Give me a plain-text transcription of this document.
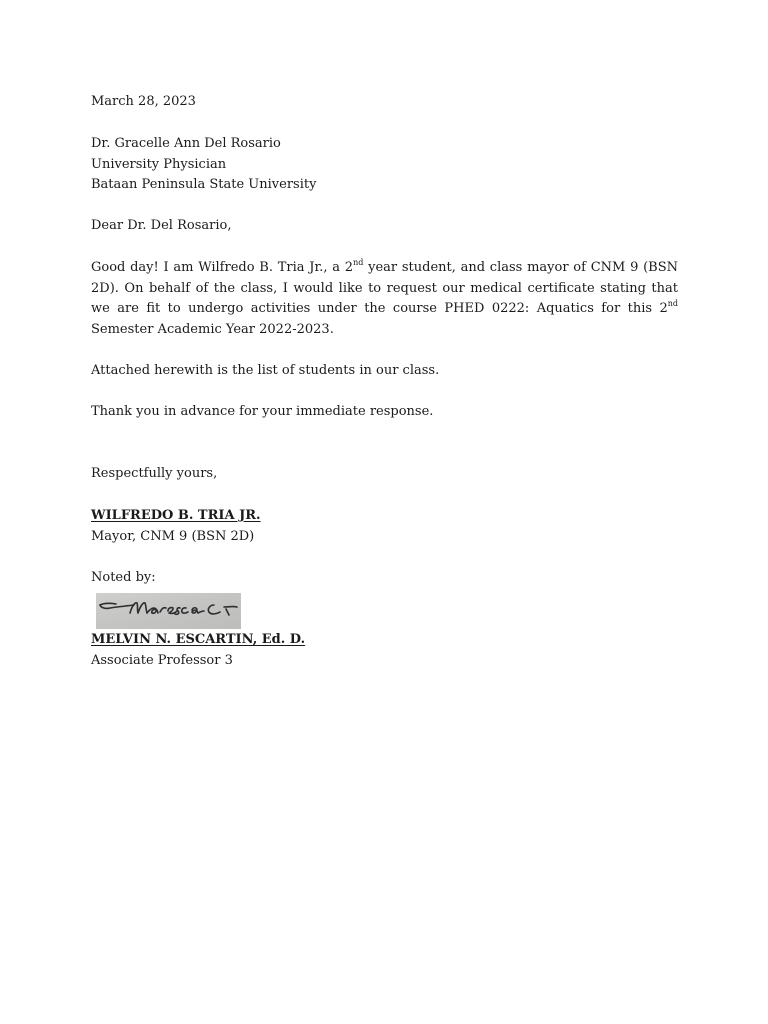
March 28, 2023
Dr. Gracelle Ann Del Rosario
University Physician
Bataan Peninsula State University
Dear Dr. Del Rosario,
Good day! I am Wilfredo B. Tria Jr., a 2nd year student, and class mayor of CNM 9 (BSN 2D). On behalf of the class, I would like to request our medical certificate stating that we are fit to undergo activities under the course PHED 0222: Aquatics for this 2nd Semester Academic Year 2022-2023.
Attached herewith is the list of students in our class.
Thank you in advance for your immediate response.
Respectfully yours,
WILFREDO B. TRIA JR.
Mayor, CNM 9 (BSN 2D)
Noted by:
MELVIN N. ESCARTIN, Ed. D.
Associate Professor 3
